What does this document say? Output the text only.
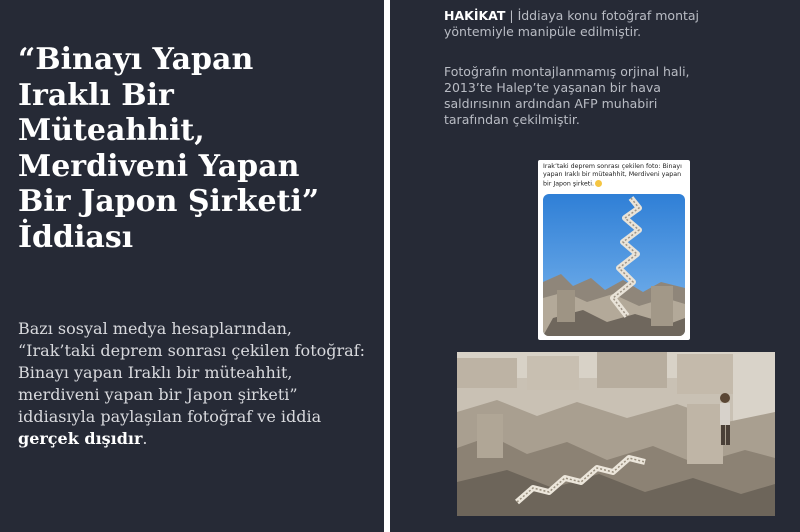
“Binayı Yapan
Iraklı Bir
Müteahhit,
Merdiveni Yapan
Bir Japon Şirketi”
İddiası

Bazı sosyal medya hesaplarından, “Irak’taki deprem sonrası çekilen fotoğraf: Binayı yapan Iraklı bir müteahhit, merdiveni yapan bir Japon şirketi” iddiasıyla paylaşılan fotoğraf ve iddia gerçek dışıdır.

HAKİKAT | İddiaya konu fotoğraf montaj yöntemiyle manipüle edilmiştir.

Fotoğrafın montajlanmamış orjinal hali, 2013’te Halep’te yaşanan bir hava saldırısının ardından AFP muhabiri tarafından çekilmiştir.

Irak’taki deprem sonrası çekilen foto: Binayı yapan Iraklı bir müteahhit, Merdiveni yapan bir Japon şirketi.
